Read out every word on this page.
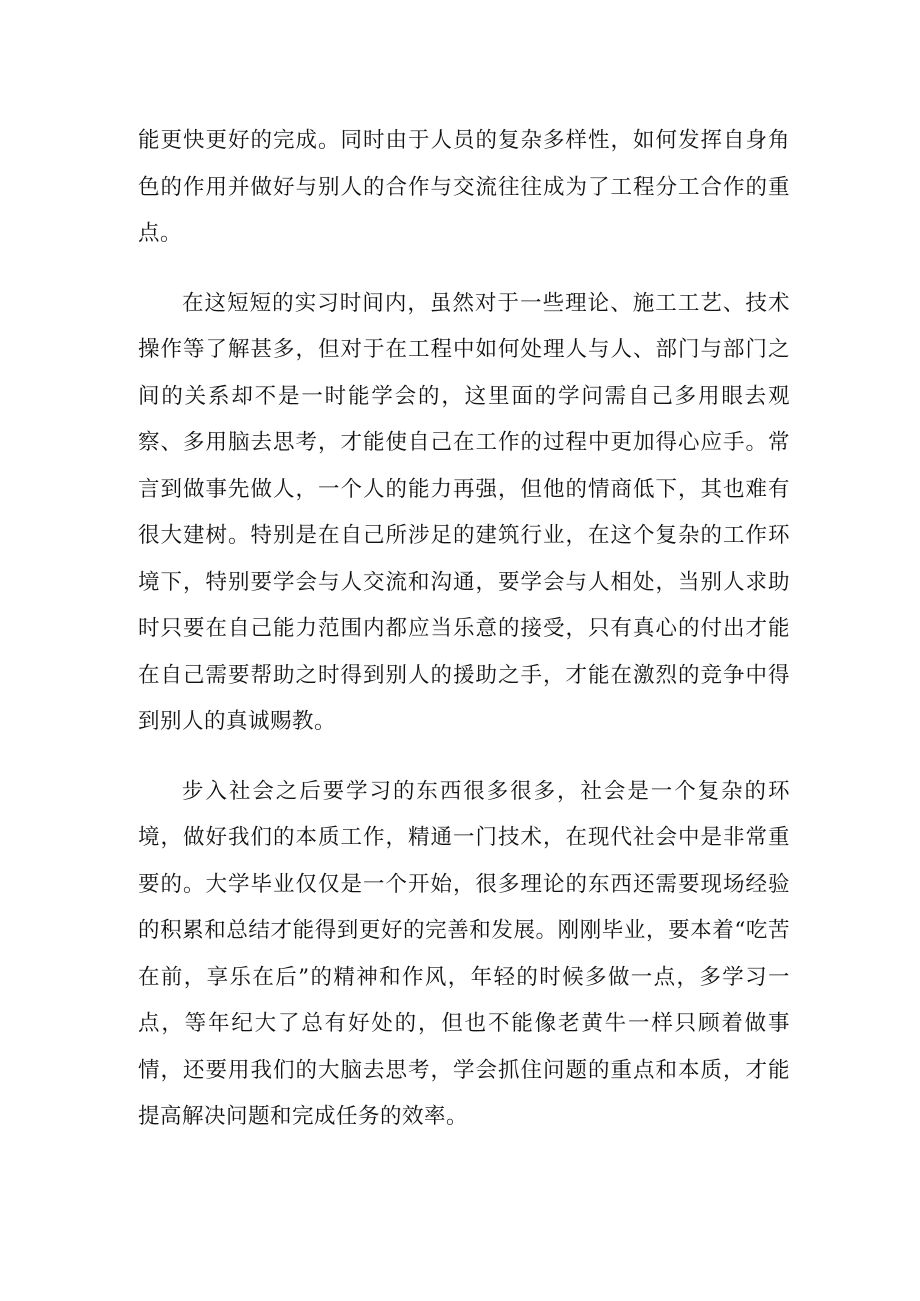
能更快更好的完成。同时由于人员的复杂多样性，如何发挥自身角色的作用并做好与别人的合作与交流往往成为了工程分工合作的重点。

在这短短的实习时间内，虽然对于一些理论、施工工艺、技术操作等了解甚多，但对于在工程中如何处理人与人、部门与部门之间的关系却不是一时能学会的，这里面的学问需自己多用眼去观察、多用脑去思考，才能使自己在工作的过程中更加得心应手。常言到做事先做人，一个人的能力再强，但他的情商低下，其也难有很大建树。特别是在自己所涉足的建筑行业，在这个复杂的工作环境下，特别要学会与人交流和沟通，要学会与人相处，当别人求助时只要在自己能力范围内都应当乐意的接受，只有真心的付出才能在自己需要帮助之时得到别人的援助之手，才能在激烈的竞争中得到别人的真诚赐教。

步入社会之后要学习的东西很多很多，社会是一个复杂的环境，做好我们的本质工作，精通一门技术，在现代社会中是非常重要的。大学毕业仅仅是一个开始，很多理论的东西还需要现场经验的积累和总结才能得到更好的完善和发展。刚刚毕业，要本着“吃苦在前，享乐在后”的精神和作风，年轻的时候多做一点，多学习一点，等年纪大了总有好处的，但也不能像老黄牛一样只顾着做事情，还要用我们的大脑去思考，学会抓住问题的重点和本质，才能提高解决问题和完成任务的效率。
